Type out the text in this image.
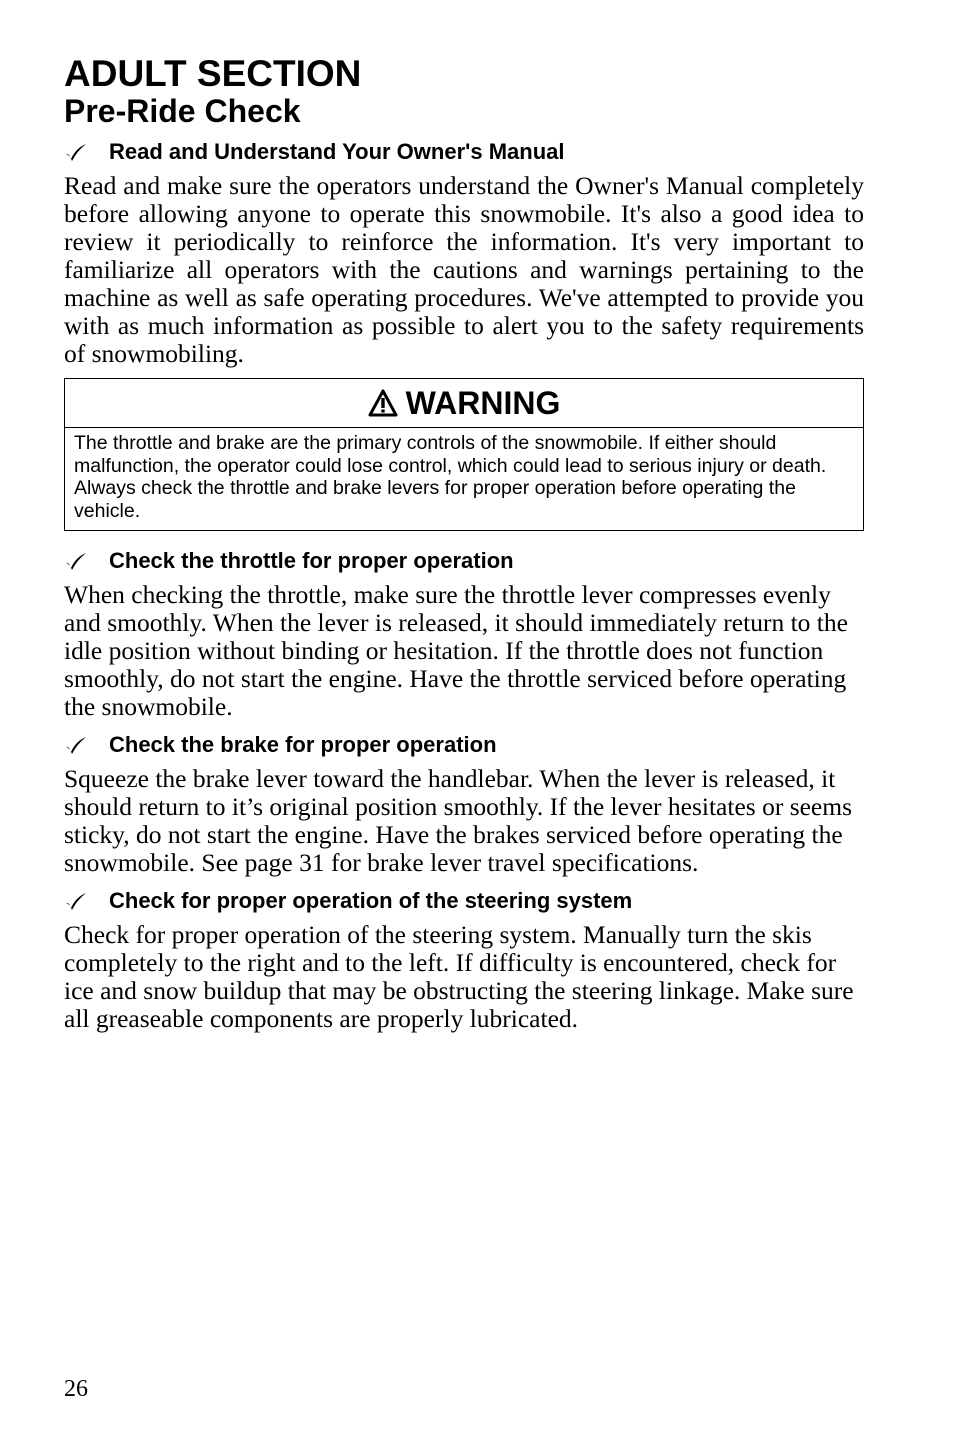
ADULT SECTION
Pre-Ride Check
Read and Understand Your Owner's Manual

Read and make sure the operators understand the Owner's Manual completely before allowing anyone to operate this snowmobile. It's also a good idea to review it periodically to reinforce the information. It's very important to familiarize all operators with the cautions and warnings pertaining to the machine as well as safe operating procedures. We've attempted to provide you with as much information as possible to alert you to the safety requirements of snowmobiling.

WARNING
The throttle and brake are the primary controls of the snowmobile. If either should malfunction, the operator could lose control, which could lead to serious injury or death. Always check the throttle and brake levers for proper operation before operating the vehicle.
Check the throttle for proper operation

When checking the throttle, make sure the throttle lever compresses evenly and smoothly. When the lever is released, it should immediately return to the idle position without binding or hesitation. If the throttle does not function smoothly, do not start the engine. Have the throttle serviced before operating the snowmobile.

Check the brake for proper operation

Squeeze the brake lever toward the handlebar. When the lever is released, it should return to it’s original position smoothly. If the lever hesitates or seems sticky, do not start the engine. Have the brakes serviced before operating the snowmobile. See page 31 for brake lever travel specifications.

Check for proper operation of the steering system

Check for proper operation of the steering system. Manually turn the skis completely to the right and to the left. If difficulty is encountered, check for ice and snow buildup that may be obstructing the steering linkage. Make sure all greaseable components are properly lubricated.

26
